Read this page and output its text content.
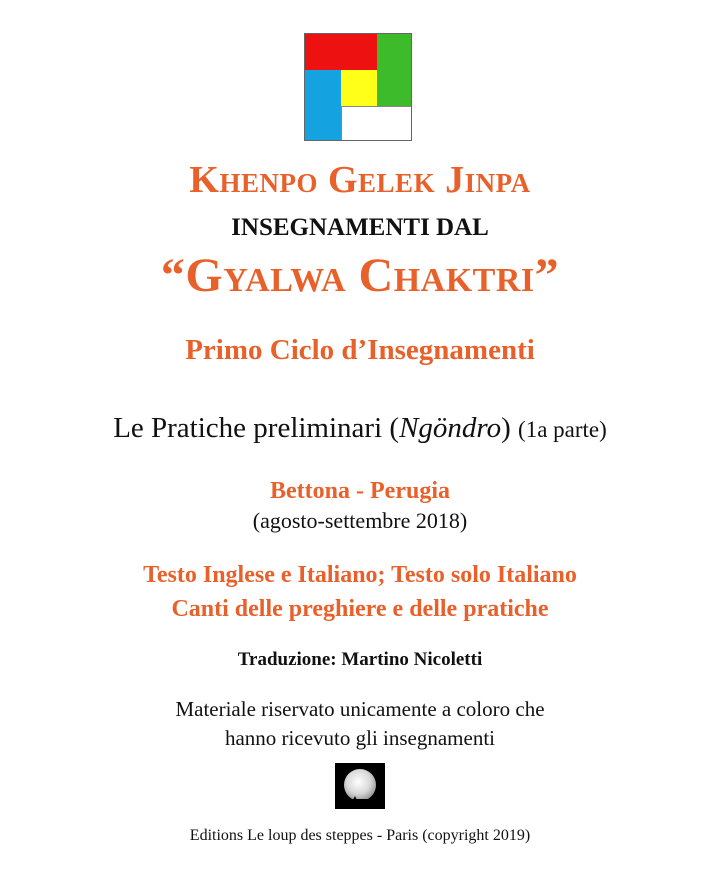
Khenpo Gelek Jinpa
INSEGNAMENTI DAL
“Gyalwa Chaktri”
Primo Ciclo d’Insegnamenti
Le Pratiche preliminari (Ngöndro) (1a parte)
Bettona - Perugia
(agosto-settembre 2018)
Testo Inglese e Italiano; Testo solo Italiano
Canti delle preghiere e delle pratiche
Traduzione: Martino Nicoletti
Materiale riservato unicamente a coloro che
hanno ricevuto gli insegnamenti
▲
Editions Le loup des steppes - Paris (copyright 2019)
